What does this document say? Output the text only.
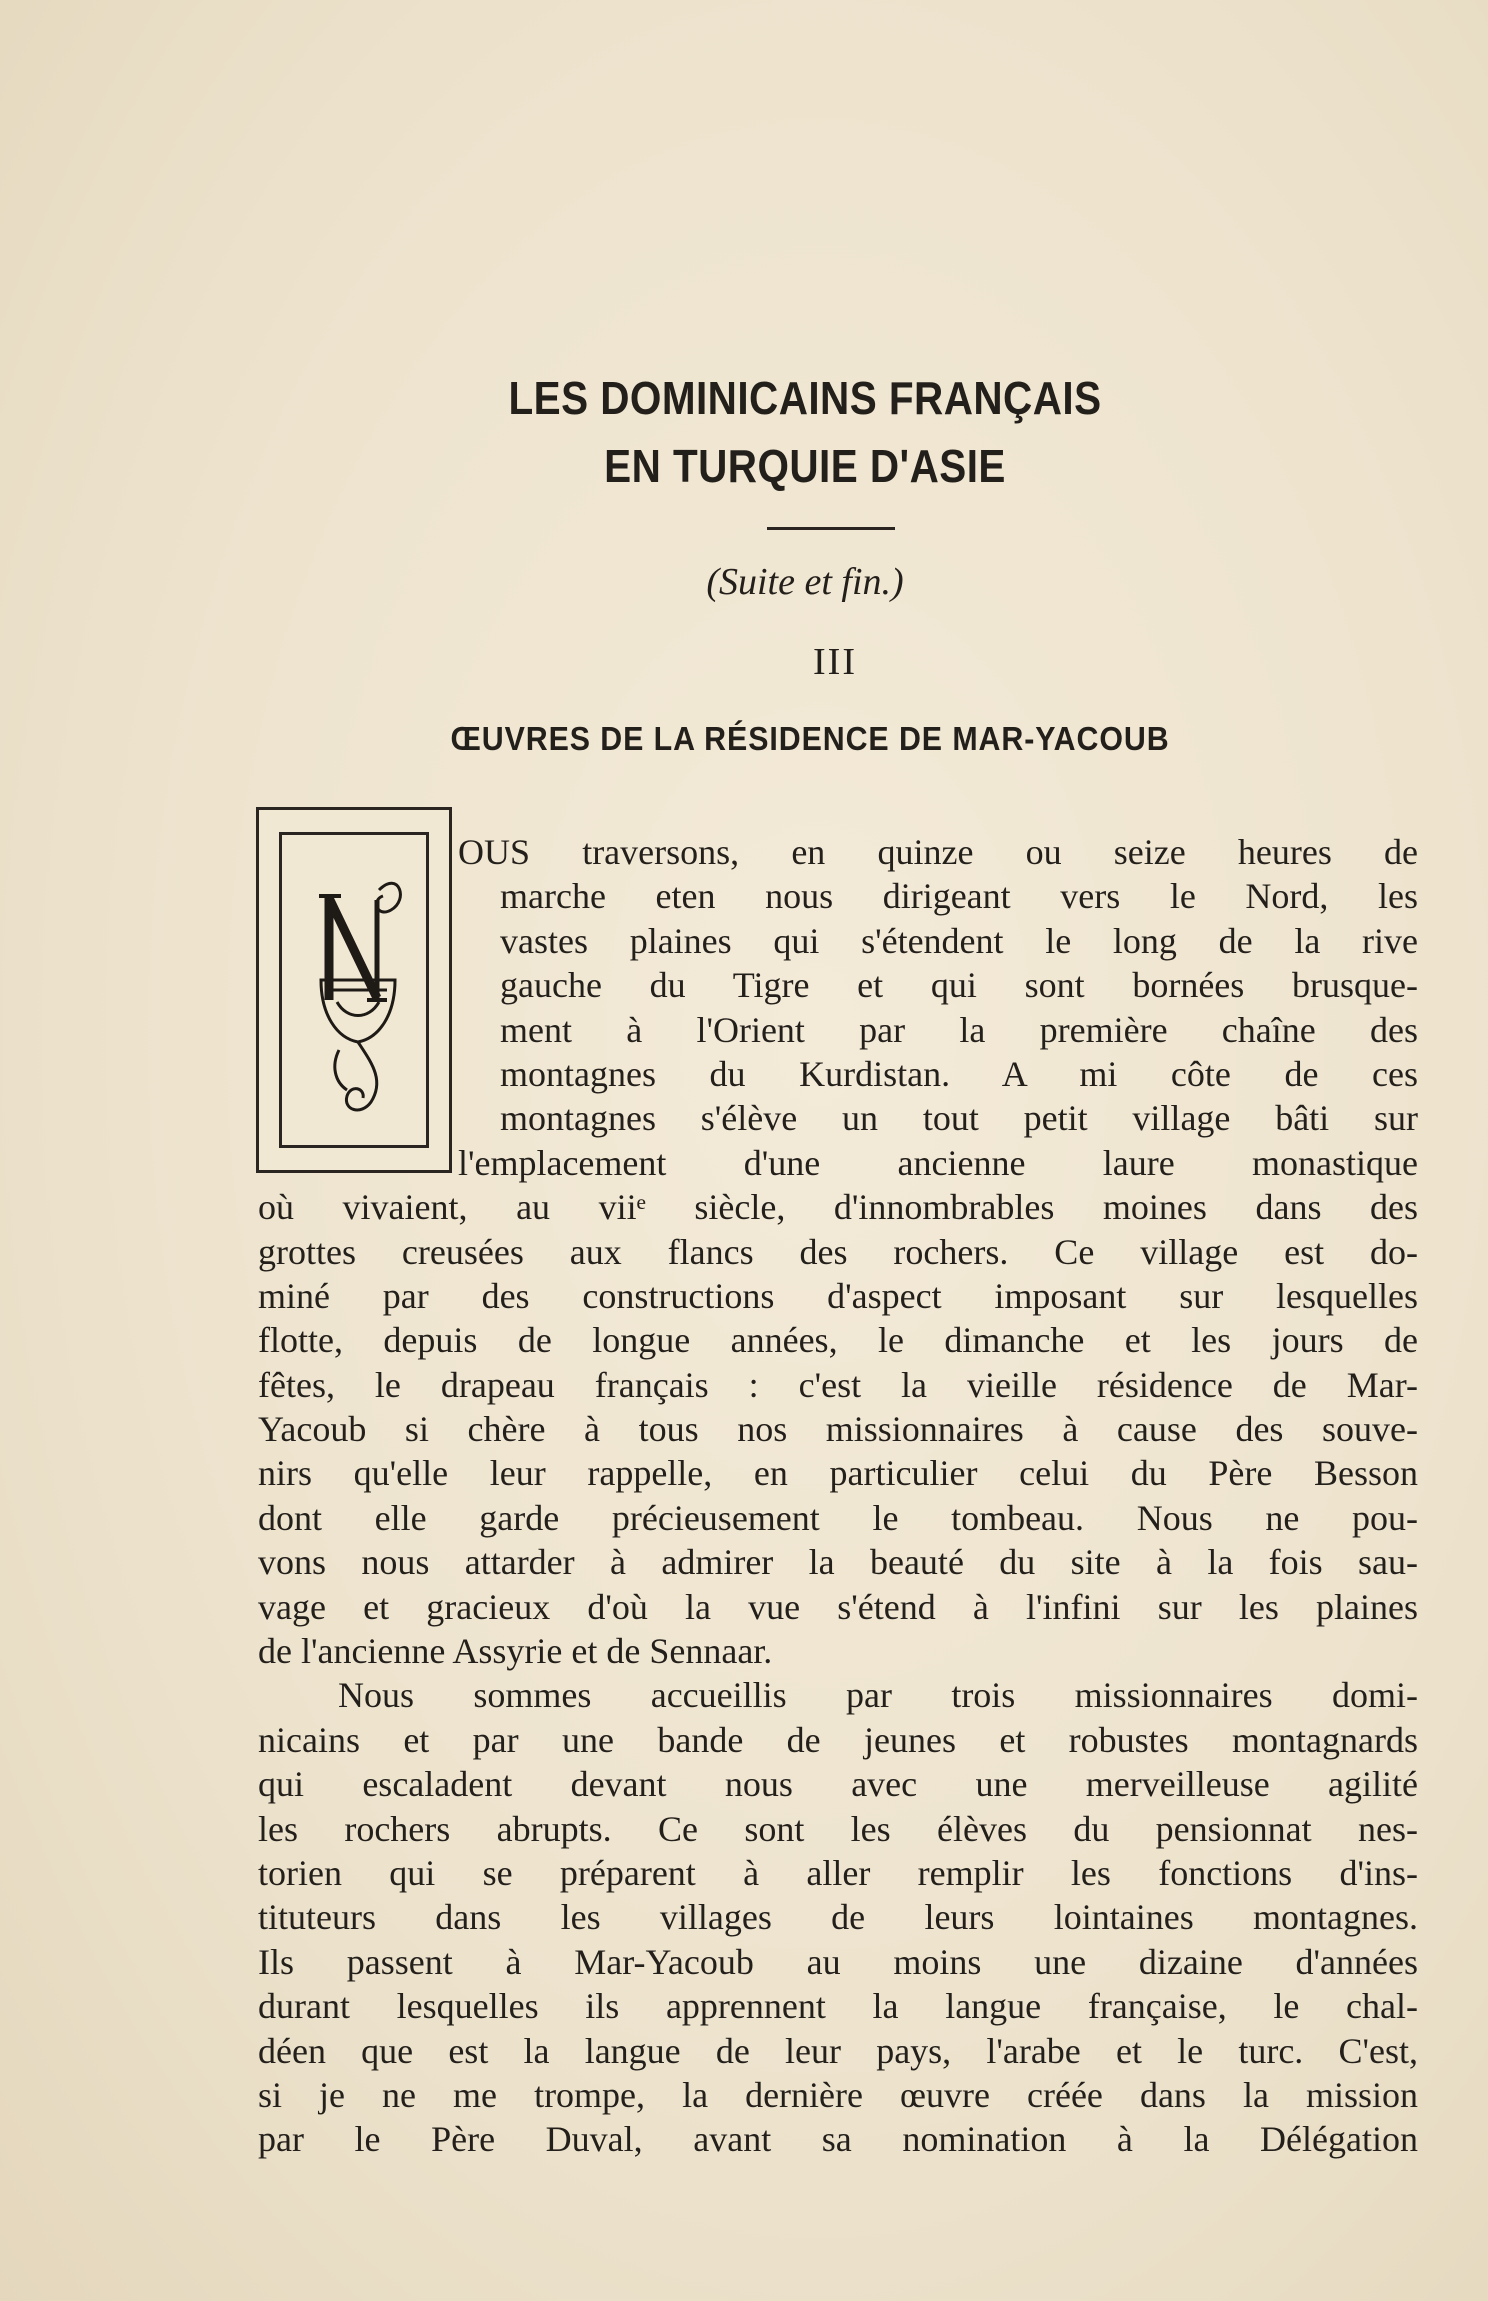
LES DOMINICAINS FRANÇAIS
EN TURQUIE D'ASIE
(Suite et fin.)
III
ŒUVRES DE LA RÉSIDENCE DE MAR-YACOUB
OUS traversons, en quinze ou seize heures de
marche eten nous dirigeant vers le Nord, les
vastes plaines qui s'étendent le long de la rive
gauche du Tigre et qui sont bornées brusque-
ment à l'Orient par la première chaîne des
montagnes du Kurdistan. A mi côte de ces
montagnes s'élève un tout petit village bâti sur
l'emplacement d'une ancienne laure monastique
où vivaient, au viiᵉ siècle, d'innombrables moines dans des
grottes creusées aux flancs des rochers. Ce village est do-
miné par des constructions d'aspect imposant sur lesquelles
flotte, depuis de longue années, le dimanche et les jours de
fêtes, le drapeau français : c'est la vieille résidence de Mar-
Yacoub si chère à tous nos missionnaires à cause des souve-
nirs qu'elle leur rappelle, en particulier celui du Père Besson
dont elle garde précieusement le tombeau. Nous ne pou-
vons nous attarder à admirer la beauté du site à la fois sau-
vage et gracieux d'où la vue s'étend à l'infini sur les plaines
de l'ancienne Assyrie et de Sennaar.
Nous sommes accueillis par trois missionnaires domi-
nicains et par une bande de jeunes et robustes montagnards
qui escaladent devant nous avec une merveilleuse agilité
les rochers abrupts. Ce sont les élèves du pensionnat nes-
torien qui se préparent à aller remplir les fonctions d'ins-
tituteurs dans les villages de leurs lointaines montagnes.
Ils passent à Mar-Yacoub au moins une dizaine d'années
durant lesquelles ils apprennent la langue française, le chal-
déen que est la langue de leur pays, l'arabe et le turc. C'est,
si je ne me trompe, la dernière œuvre créée dans la mission
par le Père Duval, avant sa nomination à la Délégation
